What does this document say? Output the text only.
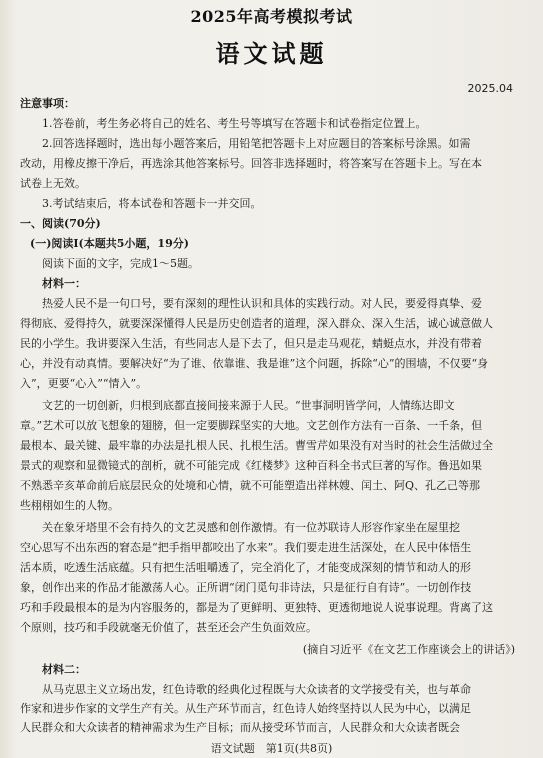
2025年高考模拟考试
语文试题
2025.04
注意事项：
1.答卷前，考生务必将自己的姓名、考生号等填写在答题卡和试卷指定位置上。
2.回答选择题时，选出每小题答案后，用铅笔把答题卡上对应题目的答案标号涂黑。如需
改动，用橡皮擦干净后，再选涂其他答案标号。回答非选择题时，将答案写在答题卡上。写在本
试卷上无效。
3.考试结束后，将本试卷和答题卡一并交回。
一、阅读(70分)
(一)阅读Ⅰ(本题共5小题，19分)
阅读下面的文字，完成1～5题。
材料一：
热爱人民不是一句口号，要有深刻的理性认识和具体的实践行动。对人民，要爱得真挚、爱
得彻底、爱得持久，就要深深懂得人民是历史创造者的道理，深入群众、深入生活，诚心诚意做人
民的小学生。我讲要深入生活，有些同志人是下去了，但只是走马观花，蜻蜓点水，并没有带着
心，并没有动真情。要解决好“为了谁、依靠谁、我是谁”这个问题，拆除“心”的围墙，不仅要“身
入”，更要“心入”“情入”。
文艺的一切创新，归根到底都直接间接来源于人民。“世事洞明皆学问，人情练达即文
章。”艺术可以放飞想象的翅膀，但一定要脚踩坚实的大地。文艺创作方法有一百条、一千条，但
最根本、最关键、最牢靠的办法是扎根人民、扎根生活。曹雪芹如果没有对当时的社会生活做过全
景式的观察和显微镜式的剖析，就不可能完成《红楼梦》这种百科全书式巨著的写作。鲁迅如果
不熟悉辛亥革命前后底层民众的处境和心情，就不可能塑造出祥林嫂、闰土、阿Q、孔乙己等那
些栩栩如生的人物。
关在象牙塔里不会有持久的文艺灵感和创作激情。有一位苏联诗人形容作家坐在屋里挖
空心思写不出东西的窘态是“把手指甲都咬出了水来”。我们要走进生活深处，在人民中体悟生
活本质，吃透生活底蕴。只有把生活咀嚼透了，完全消化了，才能变成深刻的情节和动人的形
象，创作出来的作品才能激荡人心。正所谓“闭门觅句非诗法，只是征行自有诗”。一切创作技
巧和手段最根本的是为内容服务的，都是为了更鲜明、更独特、更透彻地说人说事说理。背离了这
个原则，技巧和手段就毫无价值了，甚至还会产生负面效应。
(摘自习近平《在文艺工作座谈会上的讲话》)
材料二：
从马克思主义立场出发，红色诗歌的经典化过程既与大众读者的文学接受有关，也与革命
作家和进步作家的文学生产有关。从生产环节而言，红色诗人始终坚持以人民为中心，以满足
人民群众和大众读者的精神需求为生产目标；而从接受环节而言，人民群众和大众读者既会
语文试题　第1页(共8页)
